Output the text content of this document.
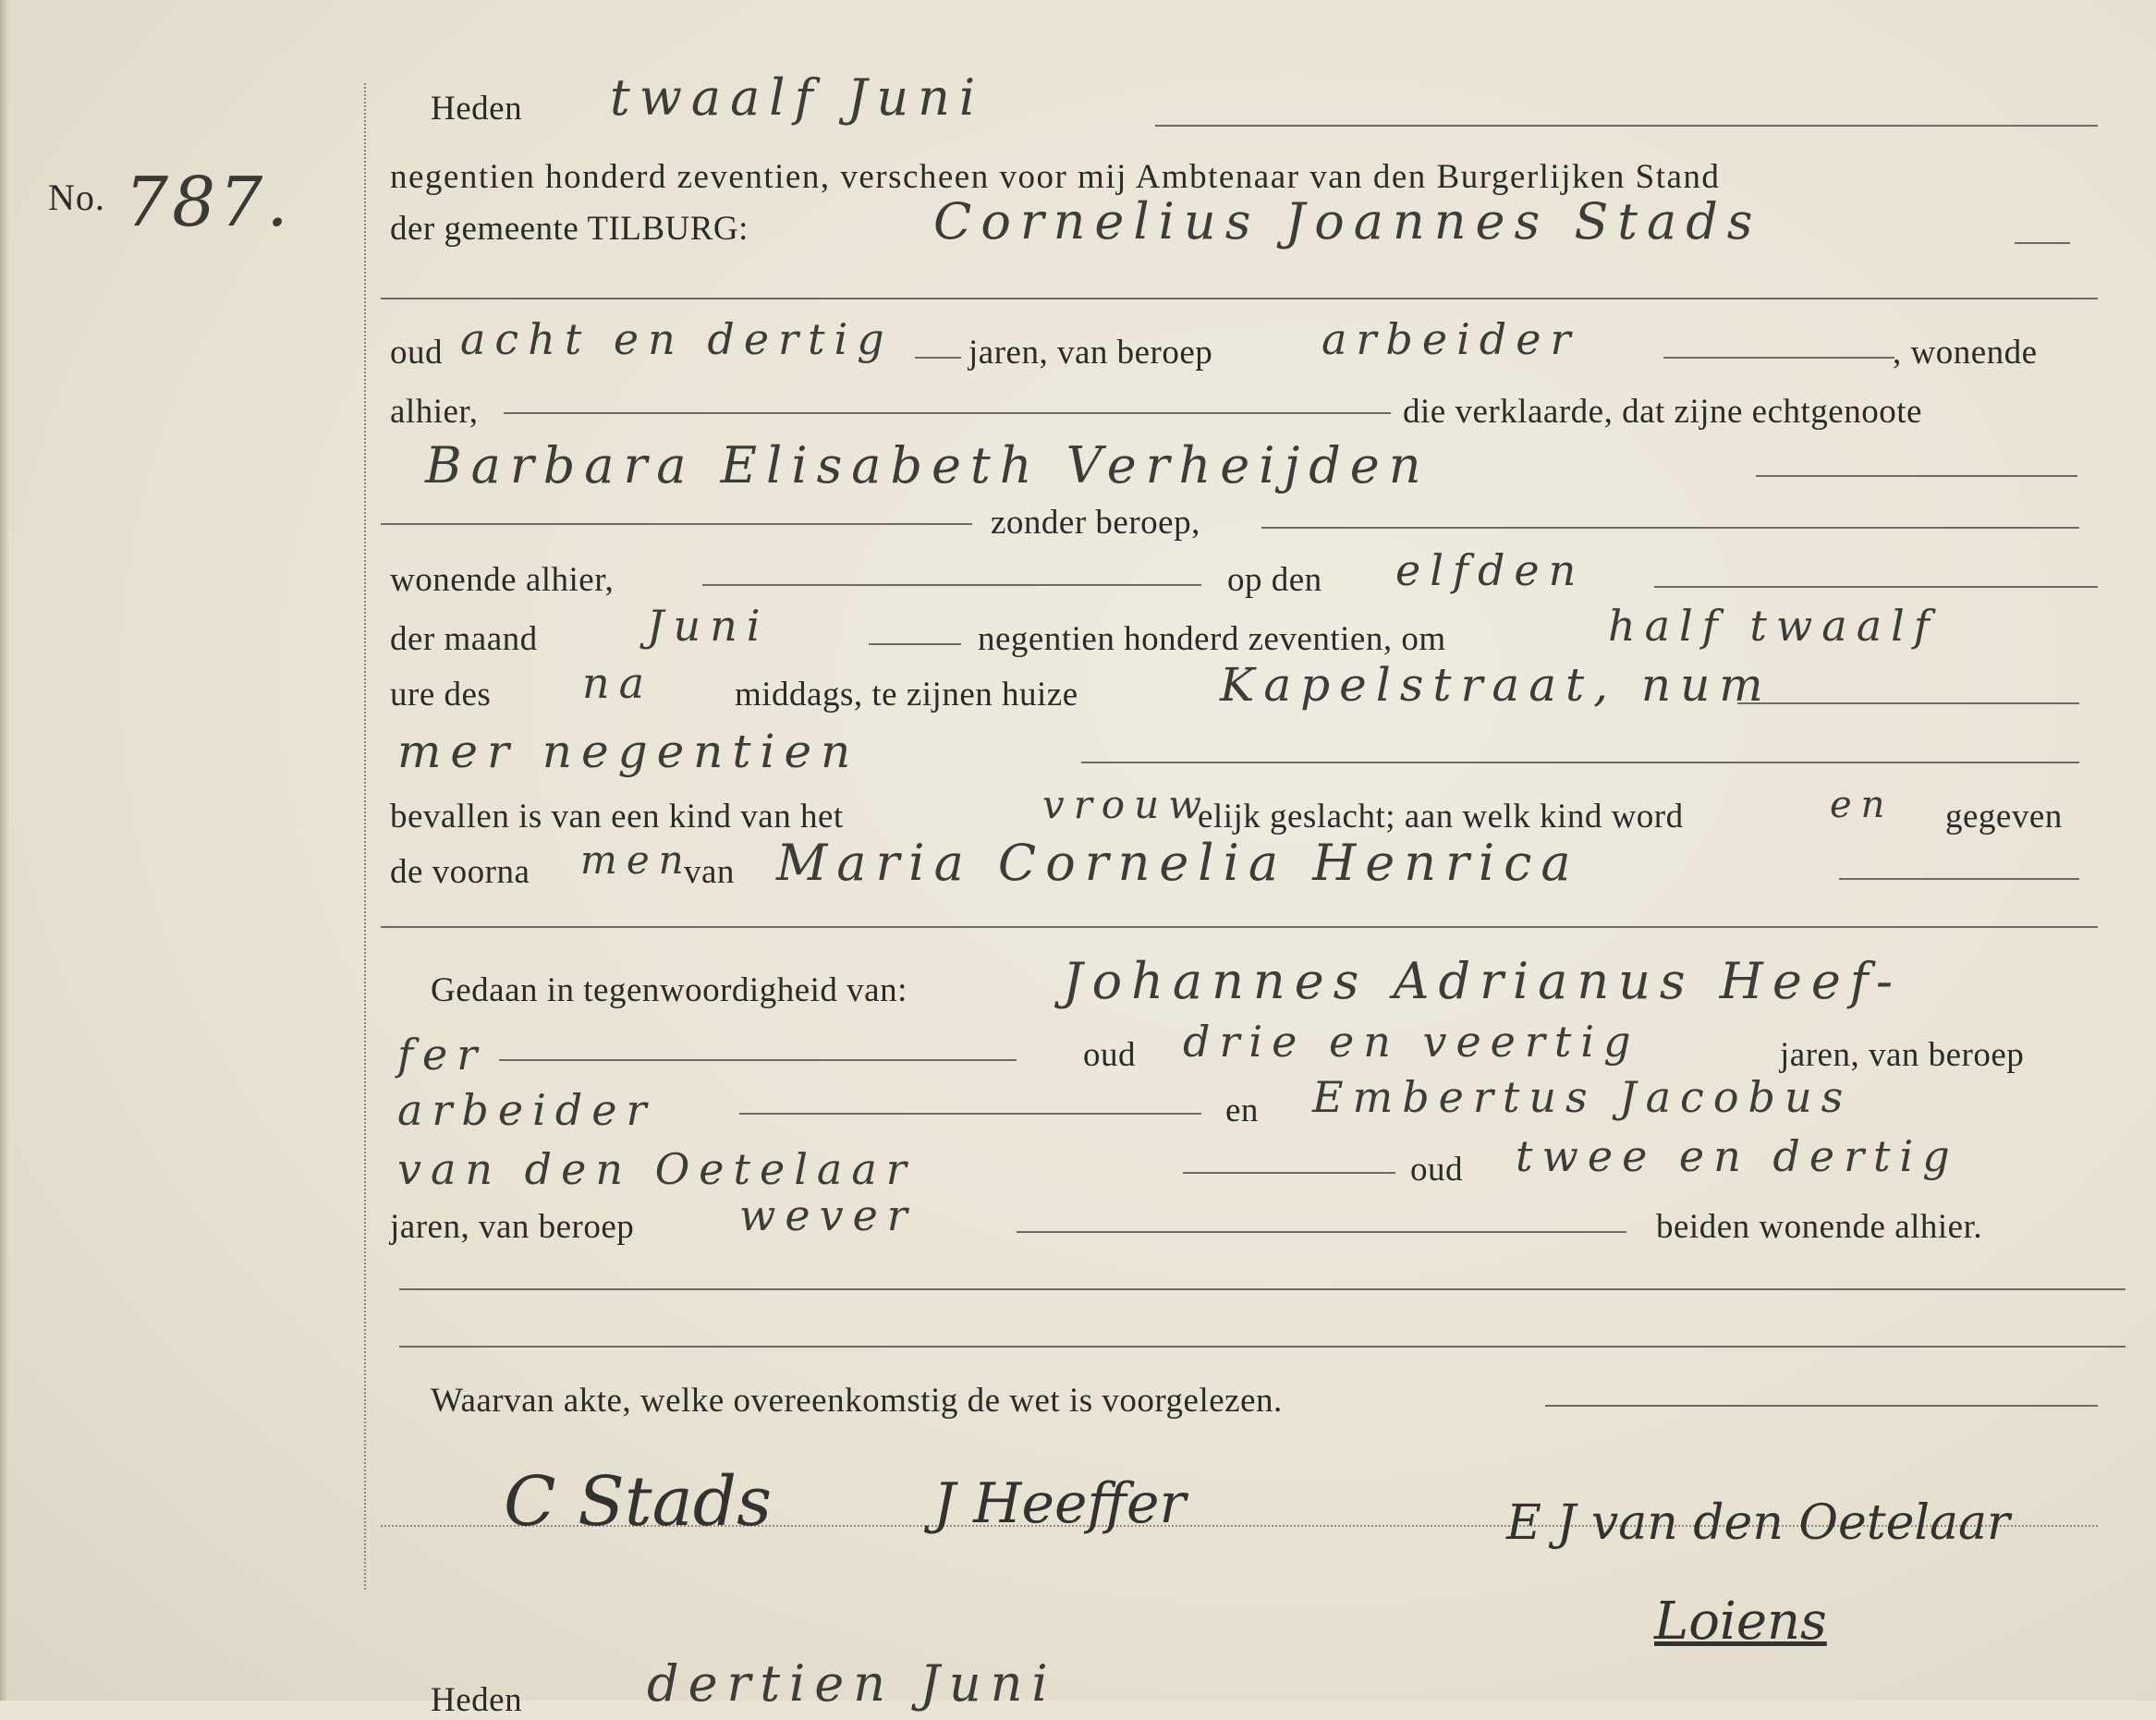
No. 787.
Heden twaalf Juni
negentien honderd zeventien, verscheen voor mij Ambtenaar van den Burgerlijken Stand
der gemeente TILBURG:	Cornelius Joannes Stads
oud acht en dertig jaren, van beroep	arbeider	, wonende
alhier,	die verklaarde, dat zijne echtgenoote
Barbara Elisabeth Verheijden
zonder beroep,
wonende alhier,	op den elfden
der maand	Juni	negentien honderd zeventien, om	half twaalf
ure des na middags, te zijnen huize	Kapelstraat, num
mer negentien
bevallen is van een kind van het	vrouw
elijk geslacht; aan welk kind word	en gegeven
de voorna men
van Maria Cornelia Henrica
Gedaan in tegenwoordigheid van:	Johannes Adrianus Heef-
fer	oud drie en veertig	jaren, van beroep
arbeider	en Embertus Jacobus
van den Oetelaar	oud twee en dertig
jaren, van beroep wever	beiden wonende alhier.
Waarvan akte, welke overeenkomstig de wet is voorgelezen.
C Stads	J Heeffer	E J van den Oetelaar
Loiens
Heden dertien Juni
